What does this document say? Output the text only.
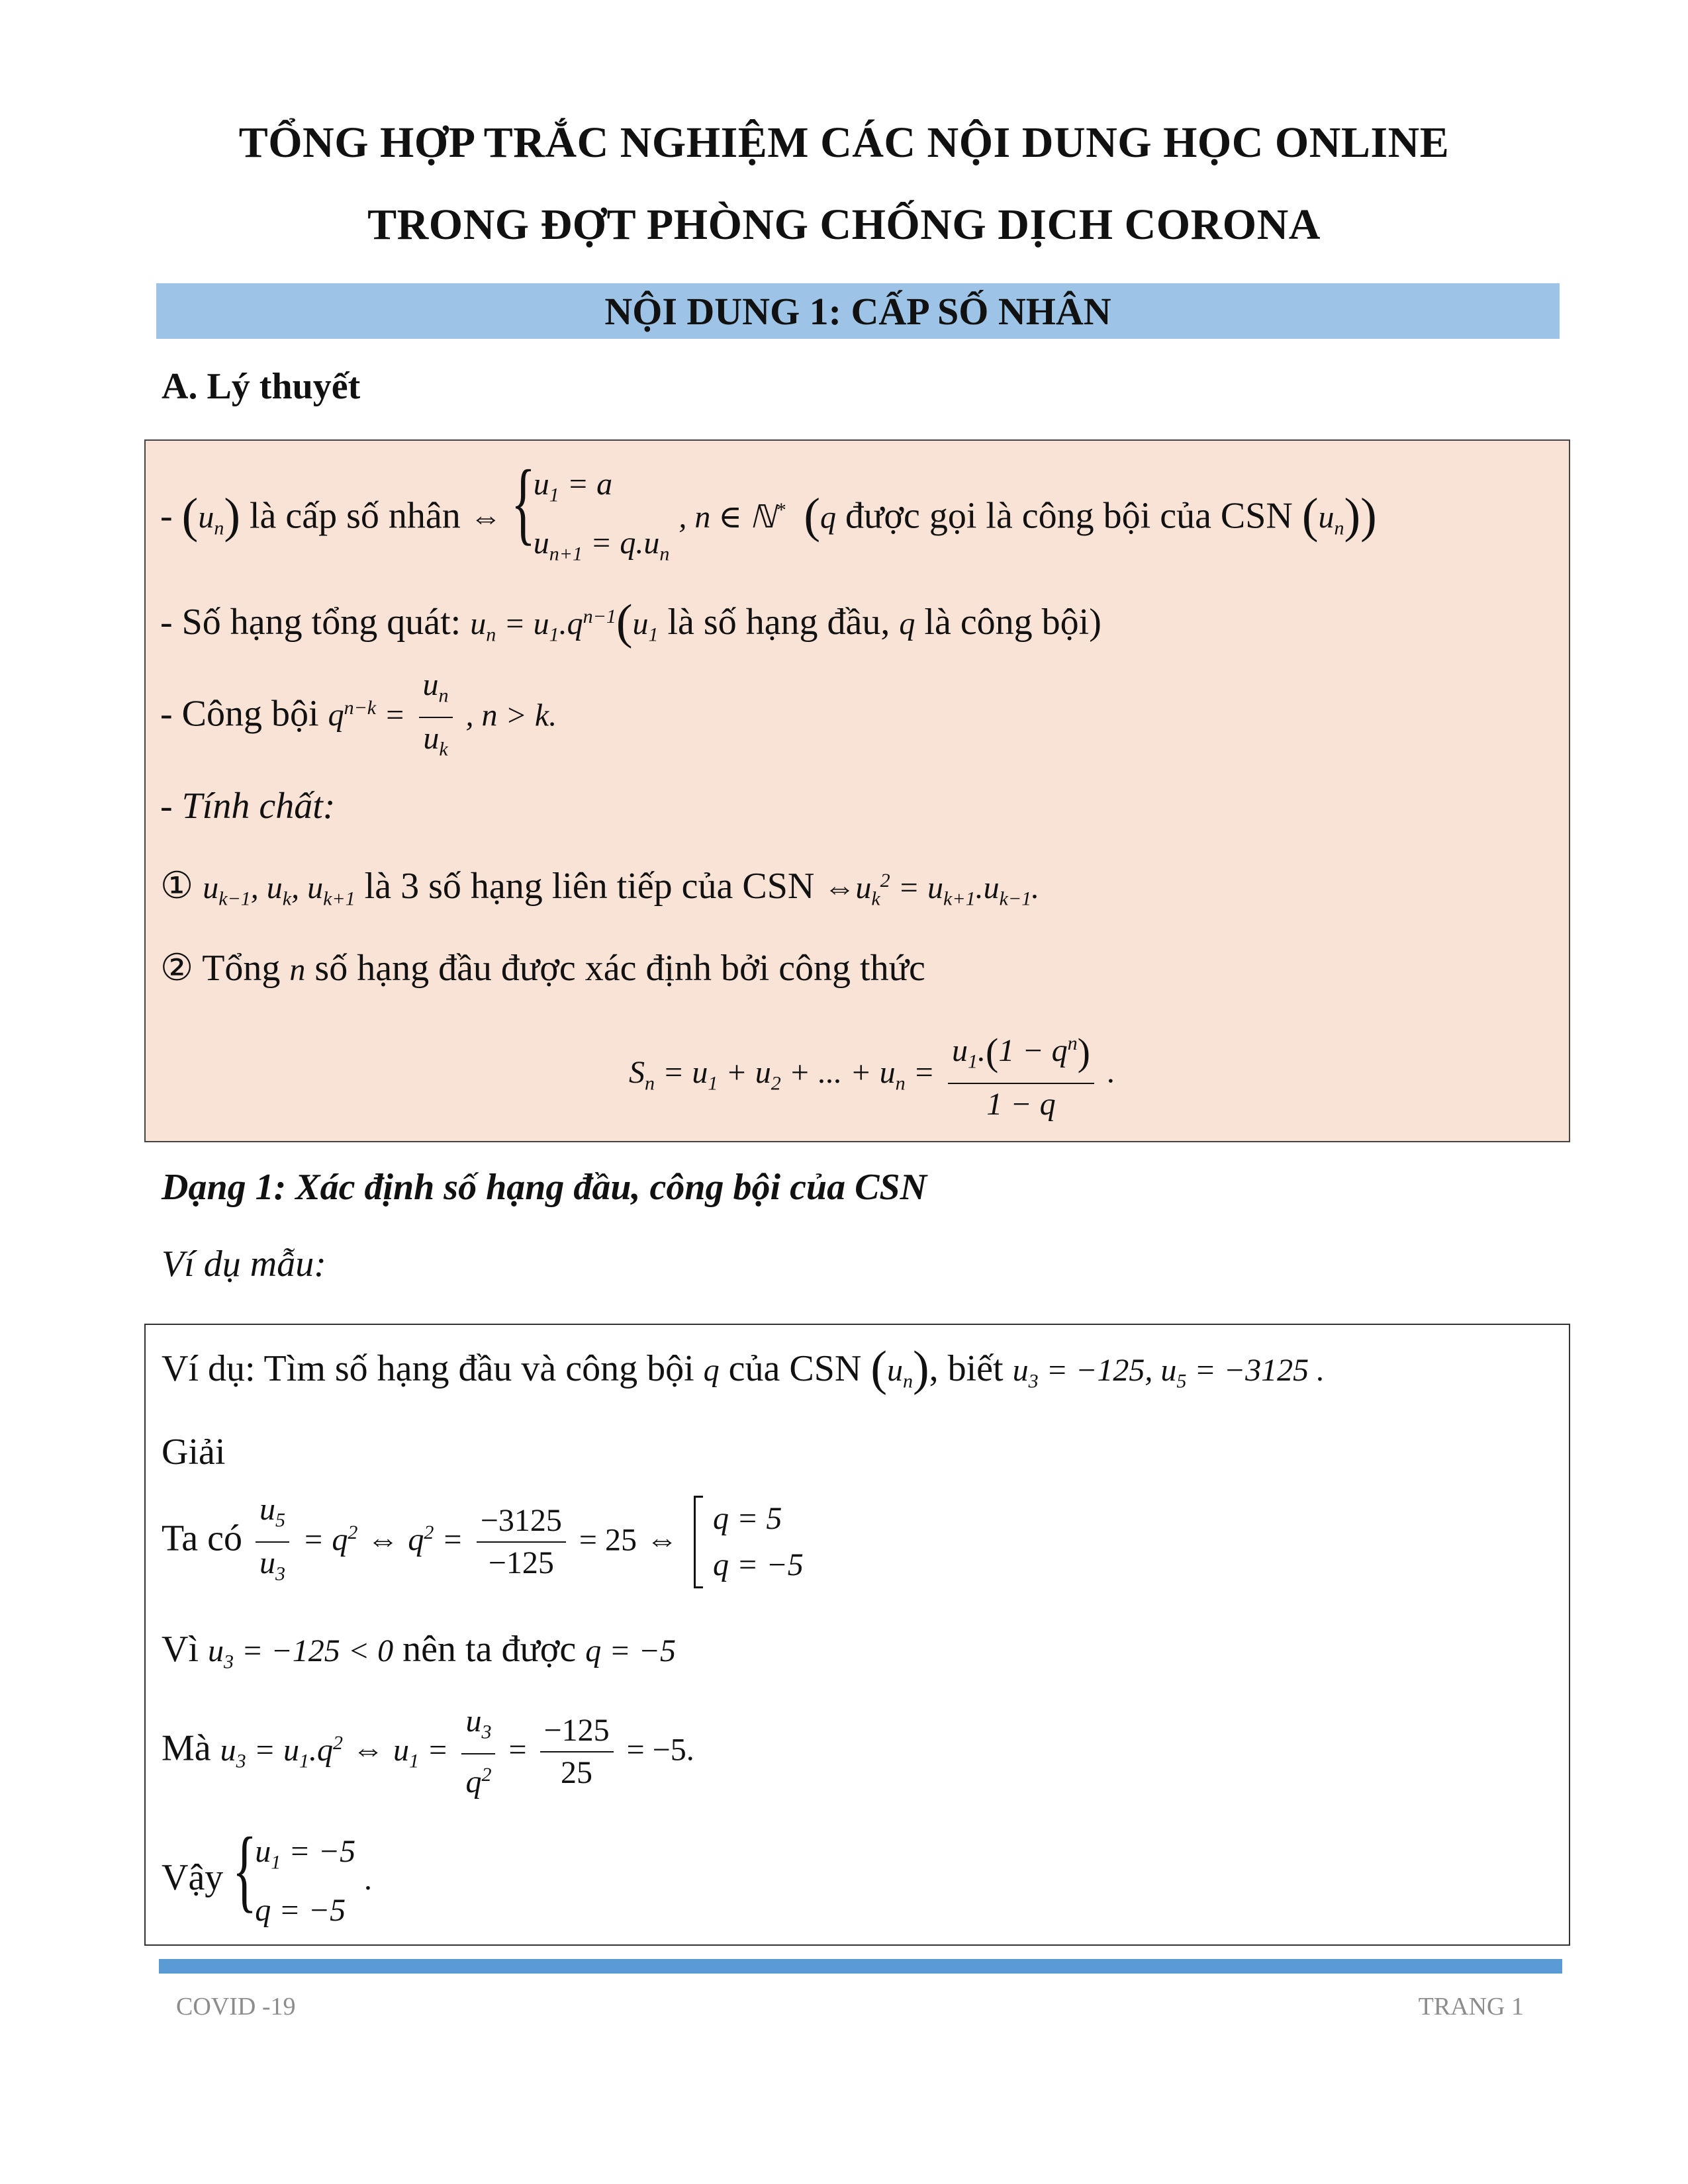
TỔNG HỢP TRẮC NGHIỆM CÁC NỘI DUNG HỌC ONLINE
TRONG ĐỢT PHÒNG CHỐNG DỊCH CORONA
NỘI DUNG 1: CẤP SỐ NHÂN
A. Lý thuyết
- $(u_n)$ là cấp số nhân ⇔ {
$u_1 = a$
$u_{n+1} = q.u_n$
, n ∈ ℕ* (q được gọi là công bội của CSN $(u_n)$)
- Số hạng tổng quát: $u_n = u_1.q^{n-1}(u_1$ là số hạng đầu, q là công bội)
- Công bội $q^{n-k} = \frac{u_n}{u_k}$ , n > k.
- Tính chất:
① $u_{k-1}$, $u_k$, $u_{k+1}$ là 3 số hạng liên tiếp của CSN $\Leftrightarrow u_k^2 = u_{k+1}.u_{k-1}$.
② Tổng n số hạng đầu được xác định bởi công thức
$S_n = u_1 + u_2$ + ... + $u_n = \frac{u_1.(1 - q^n)}{1 - q}$ .
Dạng 1: Xác định số hạng đầu, công bội của CSN
Ví dụ mẫu:
Ví dụ: Tìm số hạng đầu và công bội q của CSN $(u_n)$, biết $u_3 = -125$, $u_5 = -3125$ .
Giải
Ta có $\frac{u_5}{u_3} = q^2$ ⇔ $q^2 = \frac{-3125}{-125} = 25$ ⇔
q = 5
q = −5
Vì $u_3 = -125 < 0$ nên ta được q = −5
Mà $u_3 = u_1.q^2$ ⇔ $u_1 = \frac{u_3}{q^2} = \frac{-125}{25} = -5$.
Vậy {
$u_1 = -5$
q = −5
.
COVID -19	TRANG 1
